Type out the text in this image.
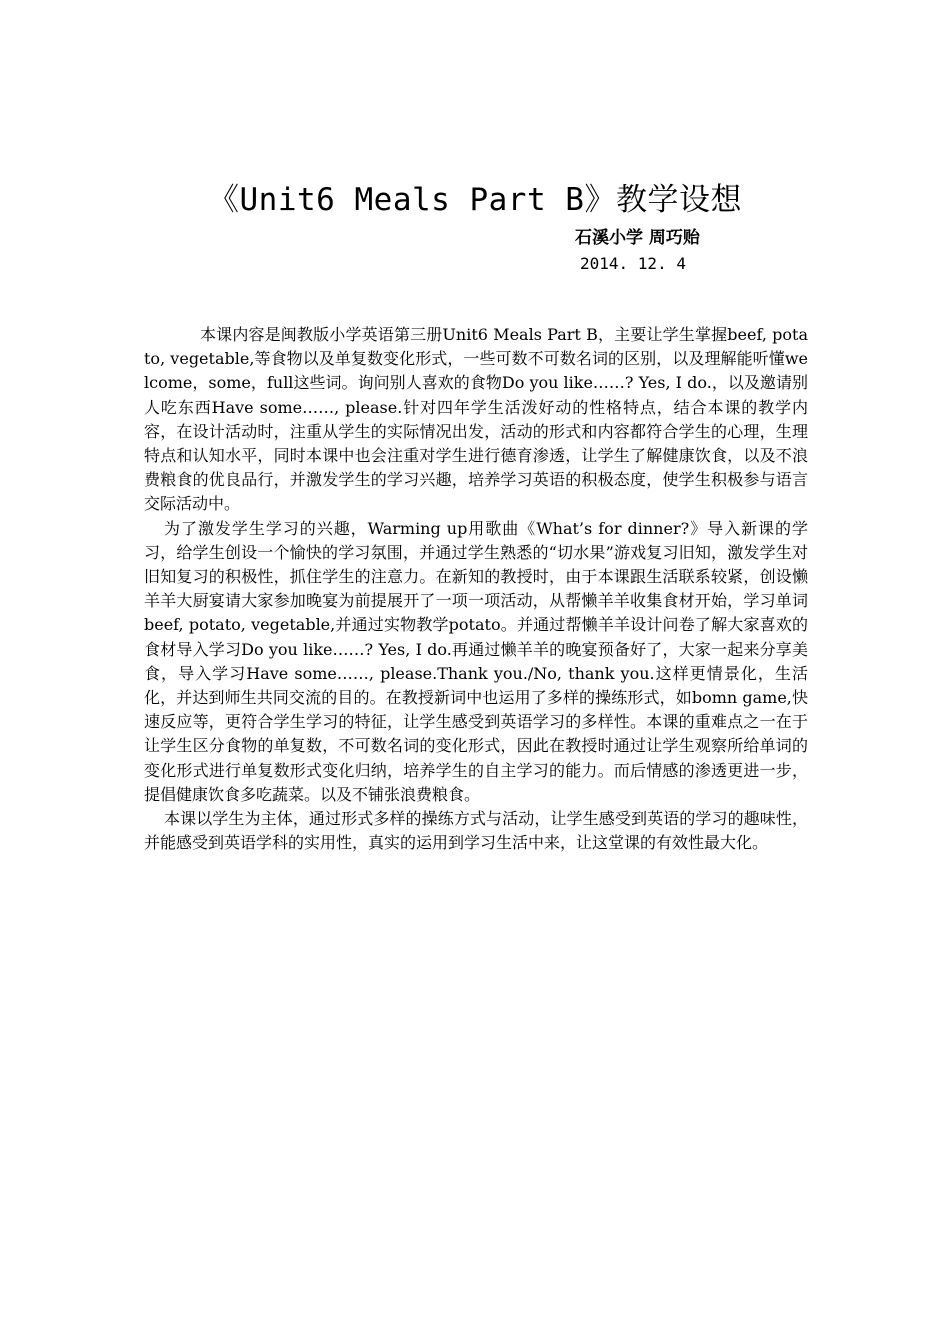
《Unit6 Meals Part B》教学设想
石溪小学 周巧贻
2014. 12. 4

本课内容是闽教版小学英语第三册Unit6 Meals Part B，主要让学生掌握beef, potato, vegetable,等食物以及单复数变化形式，一些可数不可数名词的区别，以及理解能听懂welcome，some，full这些词。询问别人喜欢的食物Do you like……? Yes, I do.，以及邀请别人吃东西Have some……, please.针对四年学生活泼好动的性格特点，结合本课的教学内容，在设计活动时，注重从学生的实际情况出发，活动的形式和内容都符合学生的心理，生理特点和认知水平，同时本课中也会注重对学生进行德育渗透，让学生了解健康饮食，以及不浪费粮食的优良品行，并激发学生的学习兴趣，培养学习英语的积极态度，使学生积极参与语言交际活动中。

为了激发学生学习的兴趣，Warming up用歌曲《What’s for dinner?》导入新课的学习，给学生创设一个愉快的学习氛围，并通过学生熟悉的“切水果”游戏复习旧知，激发学生对旧知复习的积极性，抓住学生的注意力。在新知的教授时，由于本课跟生活联系较紧，创设懒羊羊大厨宴请大家参加晚宴为前提展开了一项一项活动，从帮懒羊羊收集食材开始，学习单词beef, potato, vegetable,并通过实物教学potato。并通过帮懒羊羊设计问卷了解大家喜欢的食材导入学习Do you like……? Yes, I do.再通过懒羊羊的晚宴预备好了，大家一起来分享美食，导入学习Have some……, please.Thank you./No, thank you.这样更情景化，生活化，并达到师生共同交流的目的。在教授新词中也运用了多样的操练形式，如bomn game,快速反应等，更符合学生学习的特征，让学生感受到英语学习的多样性。本课的重难点之一在于让学生区分食物的单复数，不可数名词的变化形式，因此在教授时通过让学生观察所给单词的变化形式进行单复数形式变化归纳，培养学生的自主学习的能力。而后情感的渗透更进一步，提倡健康饮食多吃蔬菜。以及不铺张浪费粮食。

本课以学生为主体，通过形式多样的操练方式与活动，让学生感受到英语的学习的趣味性，并能感受到英语学科的实用性，真实的运用到学习生活中来，让这堂课的有效性最大化。
